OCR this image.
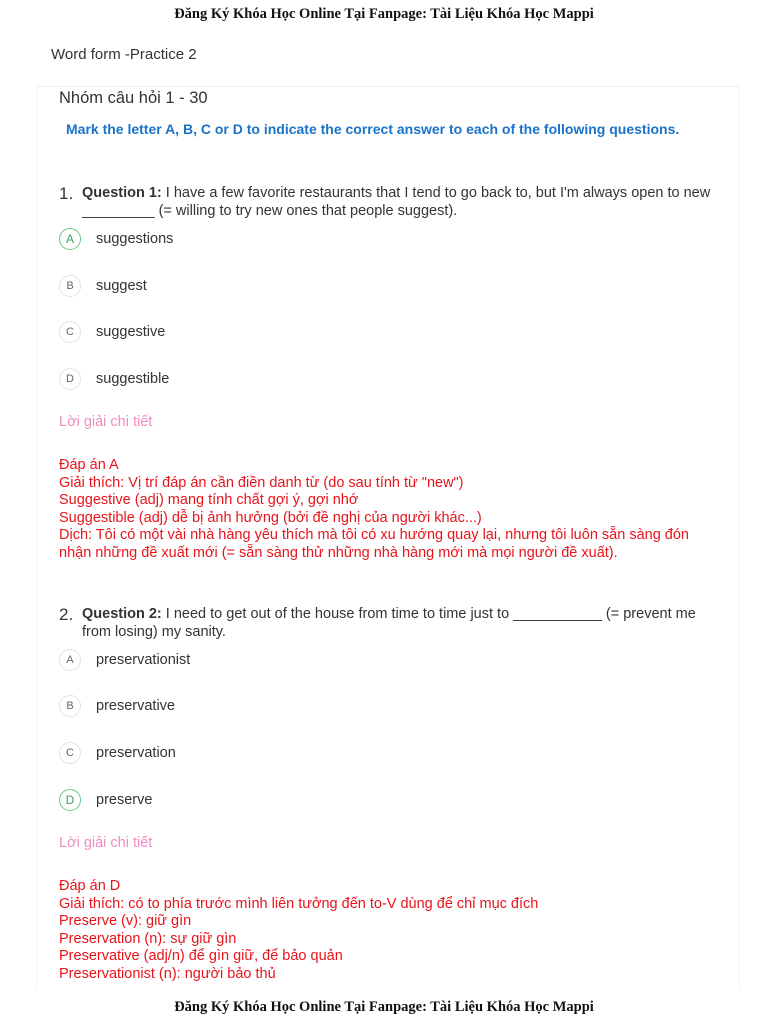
Đăng Ký Khóa Học Online Tại Fanpage: Tài Liệu Khóa Học Mappi
Word form -Practice 2
Nhóm câu hỏi 1 - 30
Mark the letter A, B, C or D to indicate the correct answer to each of the following questions.
1. Question 1: I have a few favorite restaurants that I tend to go back to, but I'm always open to new _________ (= willing to try new ones that people suggest).
A	suggestions
B	suggest
C	suggestive
D	suggestible
Lời giải chi tiết
Đáp án A
Giải thích: Vị trí đáp án cần điền danh từ (do sau tính từ "new")
Suggestive (adj) mang tính chất gợi ý, gợi nhớ
Suggestible (adj) dễ bị ảnh hưởng (bởi đề nghị của người khác...)
Dịch: Tôi có một vài nhà hàng yêu thích mà tôi có xu hướng quay lại, nhưng tôi luôn sẵn sàng đón nhận những đề xuất mới (= sẵn sàng thử những nhà hàng mới mà mọi người đề xuất).
2. Question 2: I need to get out of the house from time to time just to ___________ (= prevent me from losing) my sanity.
A	preservationist
B	preservative
C	preservation
D	preserve
Lời giải chi tiết
Đáp án D
Giải thích: có to phía trước mình liên tưởng đến to-V dùng để chỉ mục đích
Preserve (v): giữ gìn
Preservation (n): sự giữ gìn
Preservative (adj/n) để gìn giữ, để bảo quản
Preservationist (n): người bảo thủ
Đăng Ký Khóa Học Online Tại Fanpage: Tài Liệu Khóa Học Mappi
